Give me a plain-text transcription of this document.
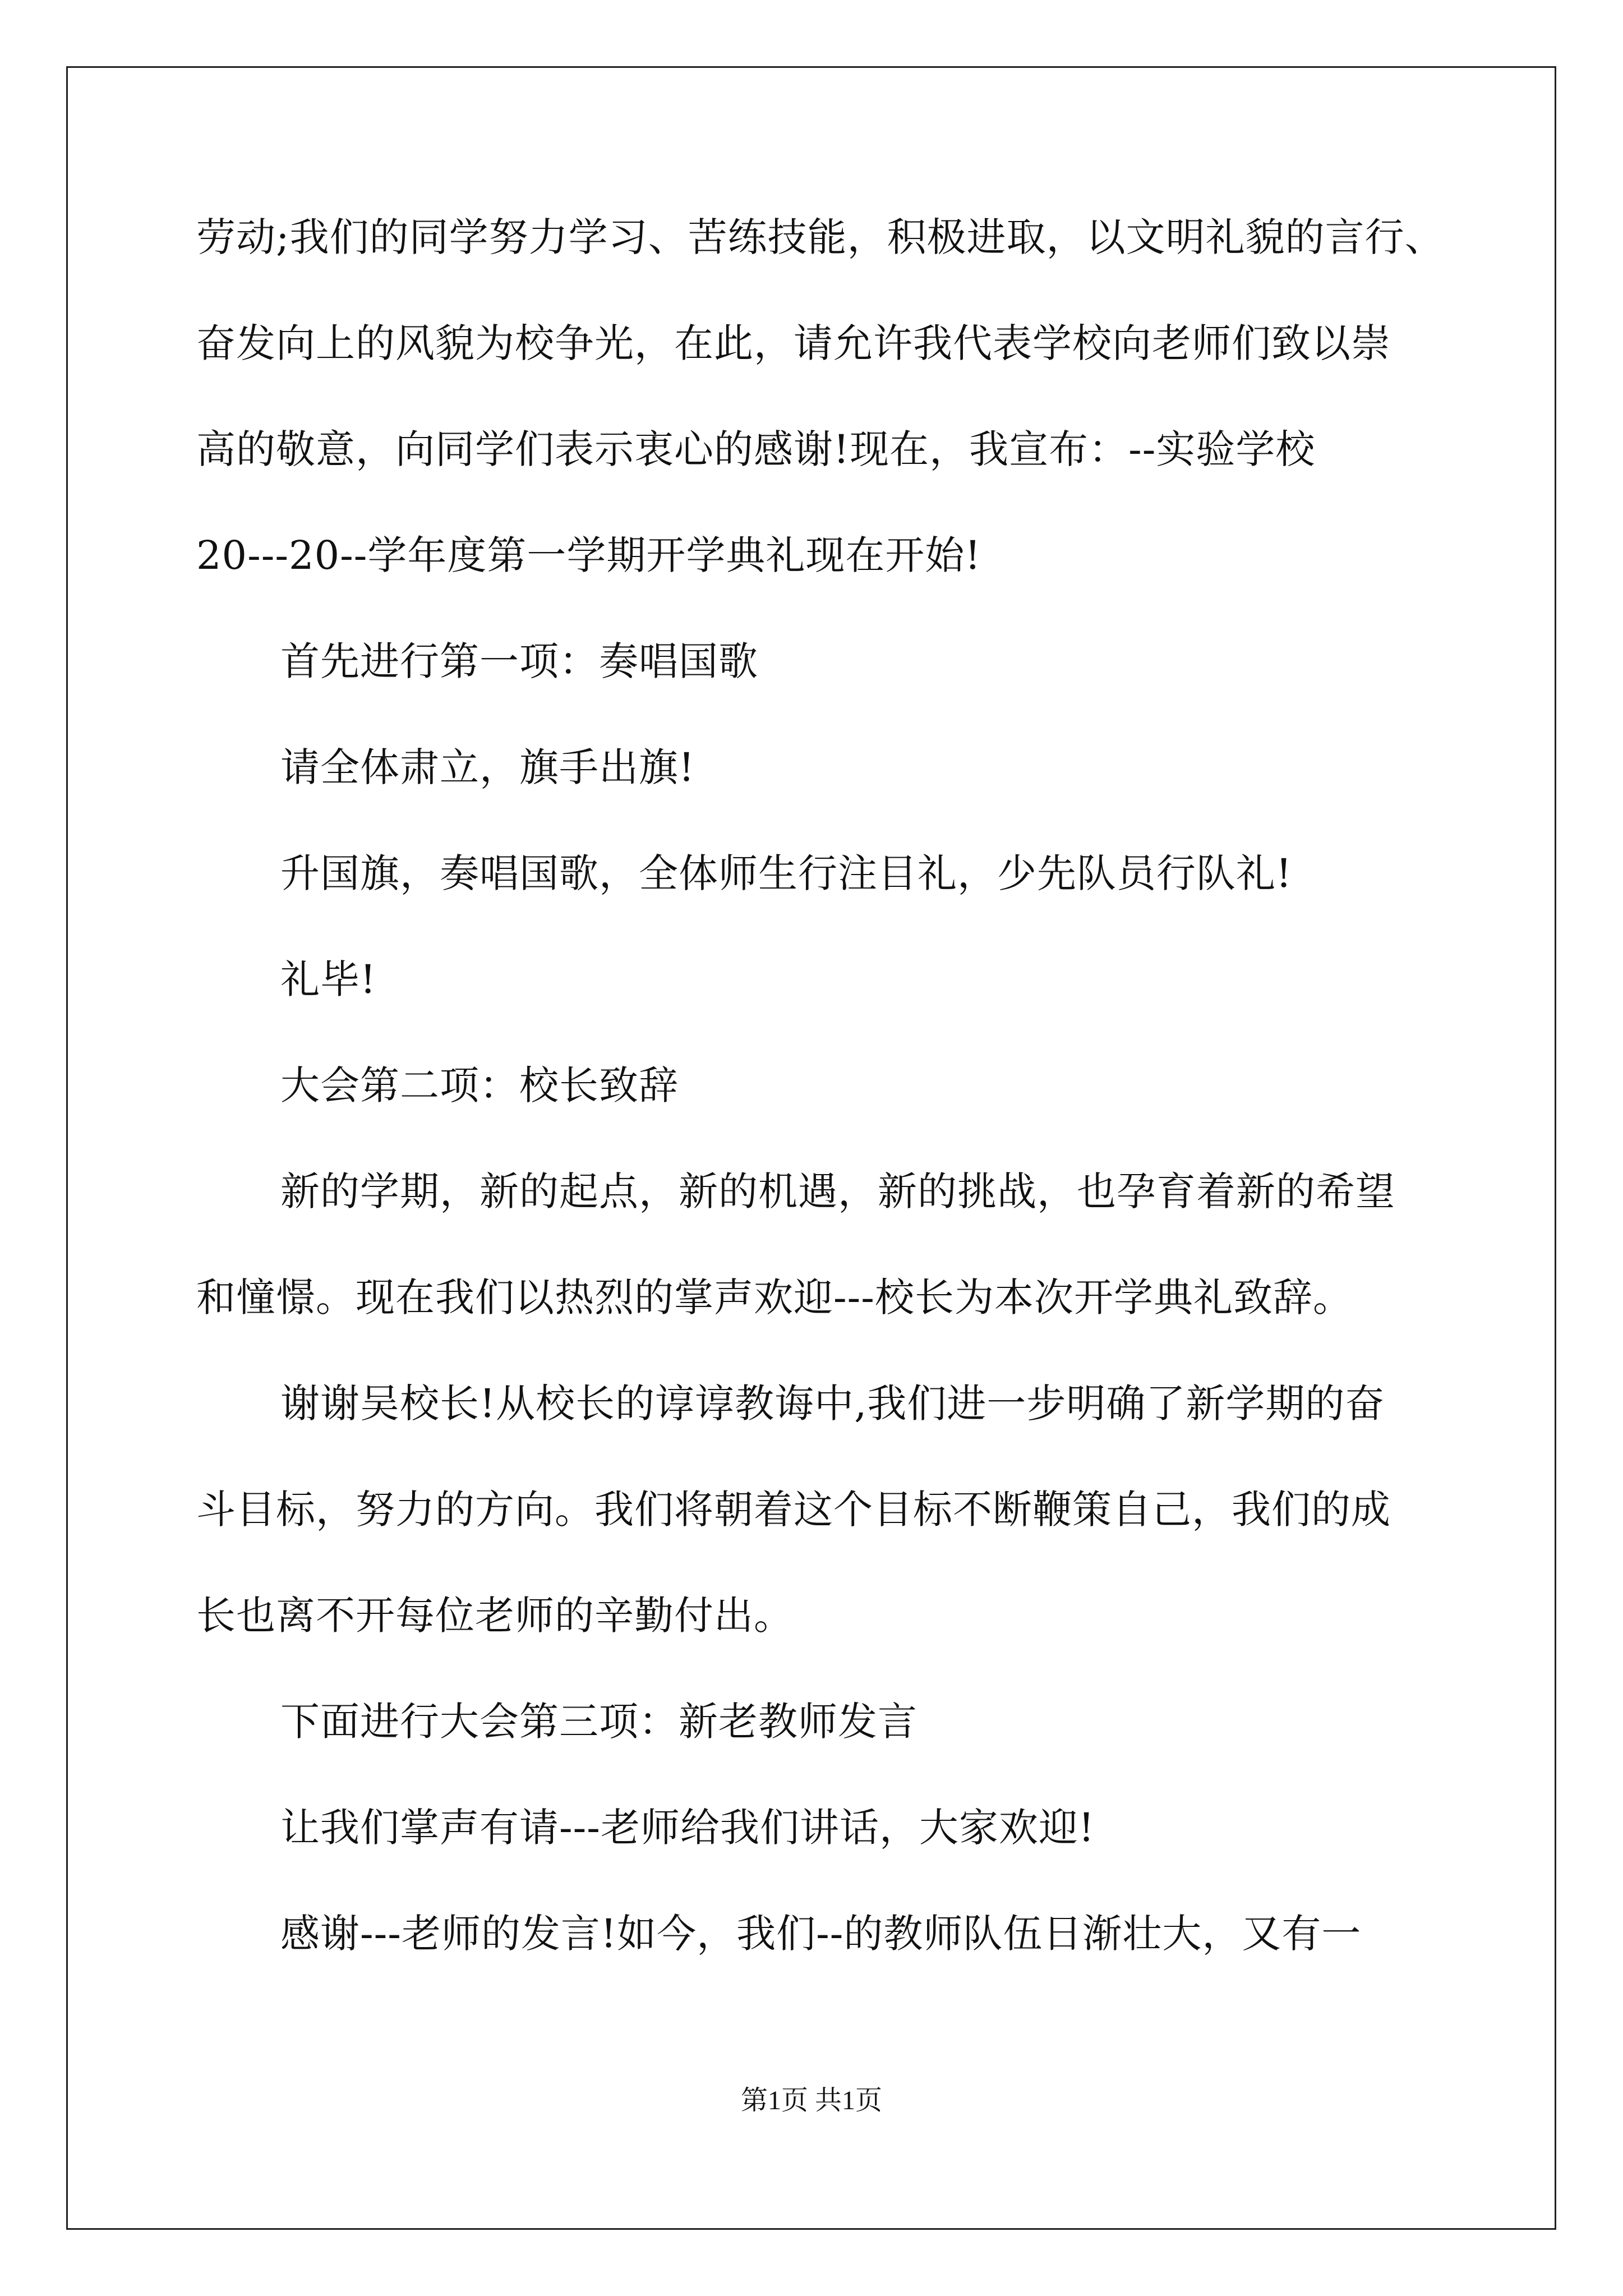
劳动;我们的同学努力学习、苦练技能，积极进取，以文明礼貌的言行、
奋发向上的风貌为校争光，在此，请允许我代表学校向老师们致以崇
高的敬意，向同学们表示衷心的感谢!现在，我宣布：--实验学校
20---20--学年度第一学期开学典礼现在开始!
首先进行第一项：奏唱国歌
请全体肃立，旗手出旗!
升国旗，奏唱国歌，全体师生行注目礼，少先队员行队礼!
礼毕!
大会第二项：校长致辞
新的学期，新的起点，新的机遇，新的挑战，也孕育着新的希望
和憧憬。现在我们以热烈的掌声欢迎---校长为本次开学典礼致辞。
谢谢吴校长!从校长的谆谆教诲中,我们进一步明确了新学期的奋
斗目标，努力的方向。我们将朝着这个目标不断鞭策自己，我们的成
长也离不开每位老师的辛勤付出。
下面进行大会第三项：新老教师发言
让我们掌声有请---老师给我们讲话，大家欢迎!
感谢---老师的发言!如今，我们--的教师队伍日渐壮大，又有一
第1页 共1页
